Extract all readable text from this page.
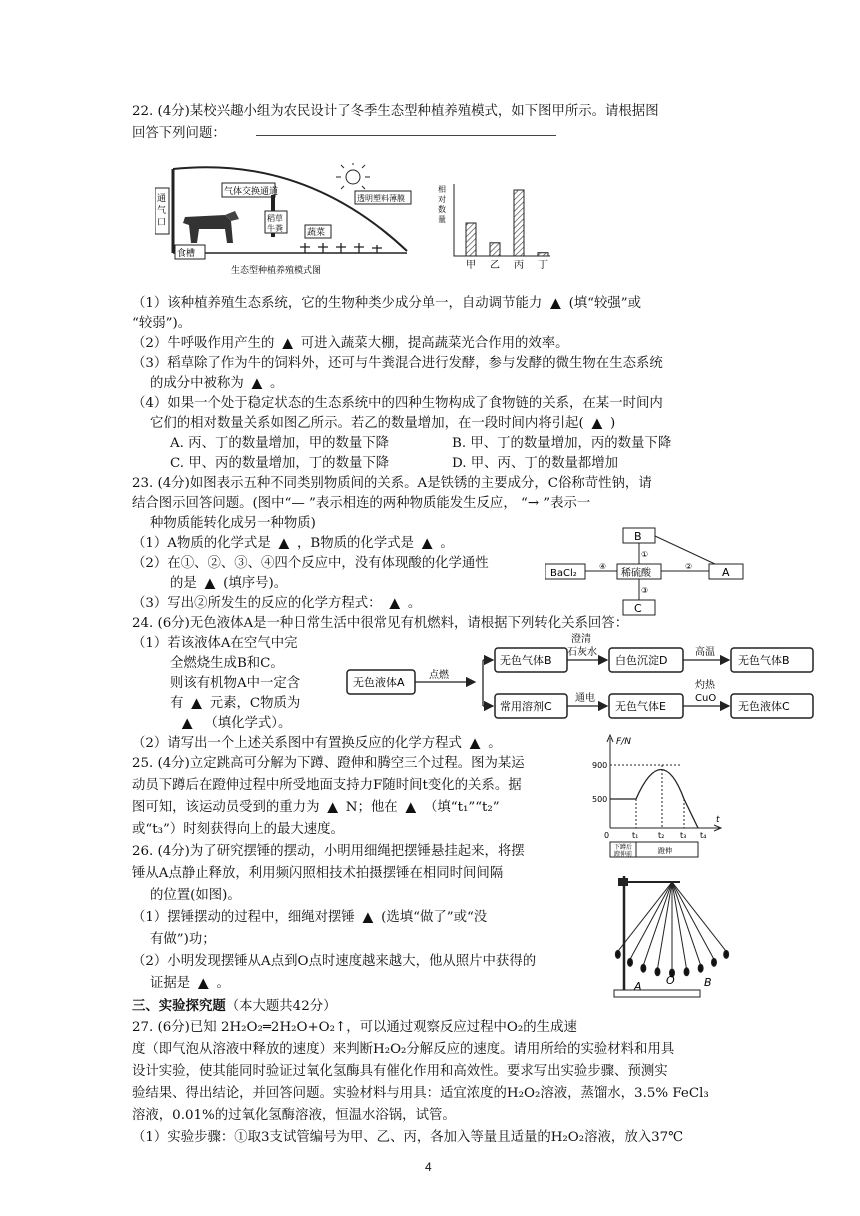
22. (4分)某校兴趣小组为农民设计了冬季生态型种植养殖模式，如下图甲所示。请根据图
回答下列问题：
通
气
口
食槽
气体交换通道
透明塑料薄膜
稻草
牛粪	蔬菜
生态型种植养殖模式图
相
对
数
量
甲 乙 丙 丁
（1）该种植养殖生态系统，它的生物种类少成分单一，自动调节能力 ▲ (填“较强”或
“较弱”)。
（2）牛呼吸作用产生的 ▲ 可进入蔬菜大棚，提高蔬菜光合作用的效率。
（3）稻草除了作为牛的饲料外，还可与牛粪混合进行发酵，参与发酵的微生物在生态系统
的成分中被称为 ▲ 。
（4）如果一个处于稳定状态的生态系统中的四种生物构成了食物链的关系，在某一时间内
它们的相对数量关系如图乙所示。若乙的数量增加，在一段时间内将引起( ▲ )
A. 丙、丁的数量增加，甲的数量下降	B. 甲、丁的数量增加，丙的数量下降
C. 甲、丙的数量增加，丁的数量下降	D. 甲、丙、丁的数量都增加
23. (4分)如图表示五种不同类别物质间的关系。A是铁锈的主要成分，C俗称苛性钠，请
结合图示回答问题。(图中“— ”表示相连的两种物质能发生反应， “→ ”表示一
种物质能转化成另一种物质)
（1）A物质的化学式是 ▲ ，B物质的化学式是 ▲ 。
（2）在①、②、③、④四个反应中，没有体现酸的化学通性
的是 ▲ (填序号)。
（3）写出②所发生的反应的化学方程式： ▲ 。
B
稀硫酸	A
BaCl₂
C
①
③
②
④
24. (6分)无色液体A是一种日常生活中很常见有机燃料，请根据下列转化关系回答：
（1）若该液体A在空气中完
全燃烧生成B和C。
则该有机物A中一定含
有 ▲ 元素，C物质为
▲ （填化学式）。
（2）请写出一个上述关系图中有置换反应的化学方程式 ▲ 。
无色液体A
点燃
无色气体B
澄清
石灰水
白色沉淀D
高温
无色气体B
常用溶剂C
通电
无色气体E
灼热
CuO
无色液体C
25. (4分)立定跳高可分解为下蹲、蹬伸和腾空三个过程。图为某运
动员下蹲后在蹬伸过程中所受地面支持力F随时间t变化的关系。据
图可知，该运动员受到的重力为 ▲ N；他在 ▲ （填“t₁”“t₂”
或“t₃”）时刻获得向上的最大速度。
F/N
t
900
500
0	t₁ t₂ t₃ t₄
下蹲后
蹬伸前	蹬伸
26. (4分)为了研究摆锤的摆动，小明用细绳把摆锤悬挂起来，将摆
锤从A点静止释放，利用频闪照相技术拍摄摆锤在相同时间间隔
的位置(如图)。
（1）摆锤摆动的过程中，细绳对摆锤 ▲ (选填“做了”或“没
有做”)功；
（2）小明发现摆锤从A点到O点时速度越来越大，他从照片中获得的
证据是 ▲ 。	A O	B
三、实验探究题（本大题共42分）
27. (6分)已知 2H₂O₂═2H₂O+O₂↑，可以通过观察反应过程中O₂的生成速
度（即气泡从溶液中释放的速度）来判断H₂O₂分解反应的速度。请用所给的实验材料和用具
设计实验，使其能同时验证过氧化氢酶具有催化作用和高效性。要求写出实验步骤、预测实
验结果、得出结论，并回答问题。实验材料与用具：适宜浓度的H₂O₂溶液，蒸馏水，3.5% FeCl₃
溶液，0.01%的过氧化氢酶溶液，恒温水浴锅，试管。
（1）实验步骤：①取3支试管编号为甲、乙、丙，各加入等量且适量的H₂O₂溶液，放入37℃
4
